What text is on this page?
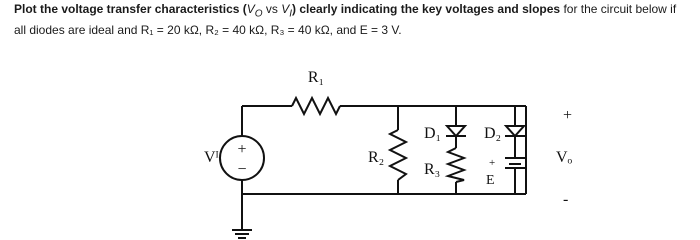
Plot the voltage transfer characteristics ($V_O$ vs $V_I$) clearly indicating the key voltages and slopes for the circuit below if
all diodes are ideal and R₁ = 20 kΩ, R₂ = 40 kΩ, R₃ = 40 kΩ, and E = 3 V.
R₁
R₂
D₁
R₃
D₂
E
+
-
Vᴵ +
−
+
Vₒ
-
